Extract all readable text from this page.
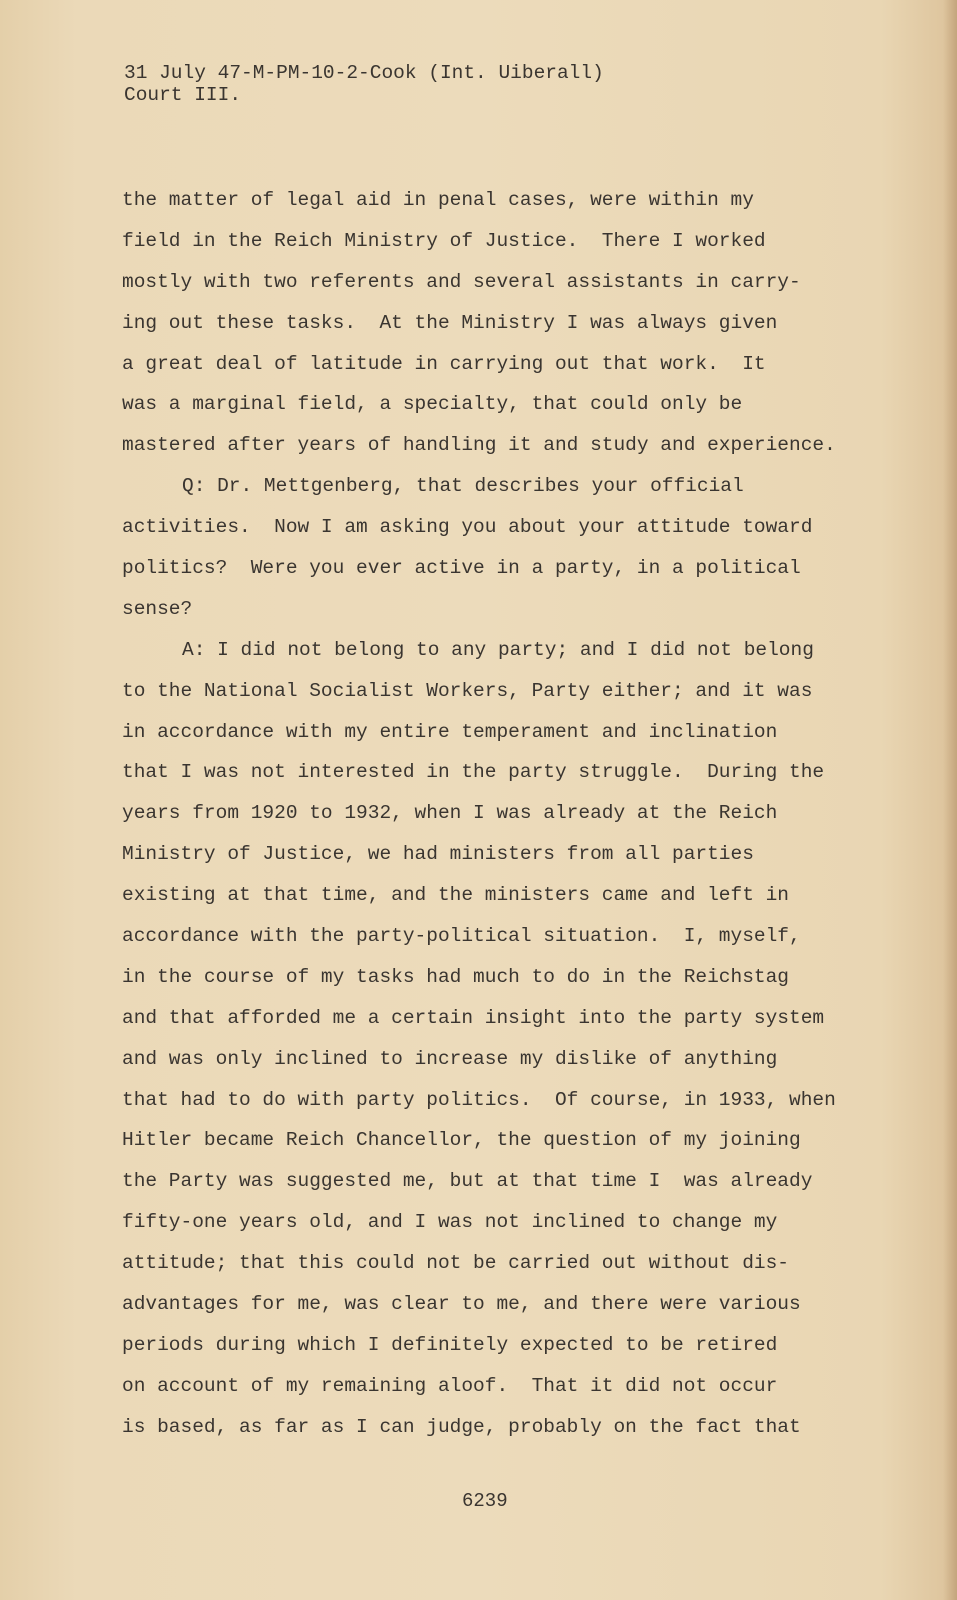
31 July 47-M-PM-10-2-Cook (Int. Uiberall)
Court III.
the matter of legal aid in penal cases, were within my
field in the Reich Ministry of Justice.  There I worked
mostly with two referents and several assistants in carry-
ing out these tasks.  At the Ministry I was always given
a great deal of latitude in carrying out that work.  It
was a marginal field, a specialty, that could only be
mastered after years of handling it and study and experience.
Q: Dr. Mettgenberg, that describes your official
activities.  Now I am asking you about your attitude toward
politics?  Were you ever active in a party, in a political
sense?
A: I did not belong to any party; and I did not belong
to the National Socialist Workers, Party either; and it was
in accordance with my entire temperament and inclination
that I was not interested in the party struggle.  During the
years from 1920 to 1932, when I was already at the Reich
Ministry of Justice, we had ministers from all parties
existing at that time, and the ministers came and left in
accordance with the party-political situation.  I, myself,
in the course of my tasks had much to do in the Reichstag
and that afforded me a certain insight into the party system
and was only inclined to increase my dislike of anything
that had to do with party politics.  Of course, in 1933, when
Hitler became Reich Chancellor, the question of my joining
the Party was suggested me, but at that time I  was already
fifty-one years old, and I was not inclined to change my
attitude; that this could not be carried out without dis-
advantages for me, was clear to me, and there were various
periods during which I definitely expected to be retired
on account of my remaining aloof.  That it did not occur
is based, as far as I can judge, probably on the fact that
6239
